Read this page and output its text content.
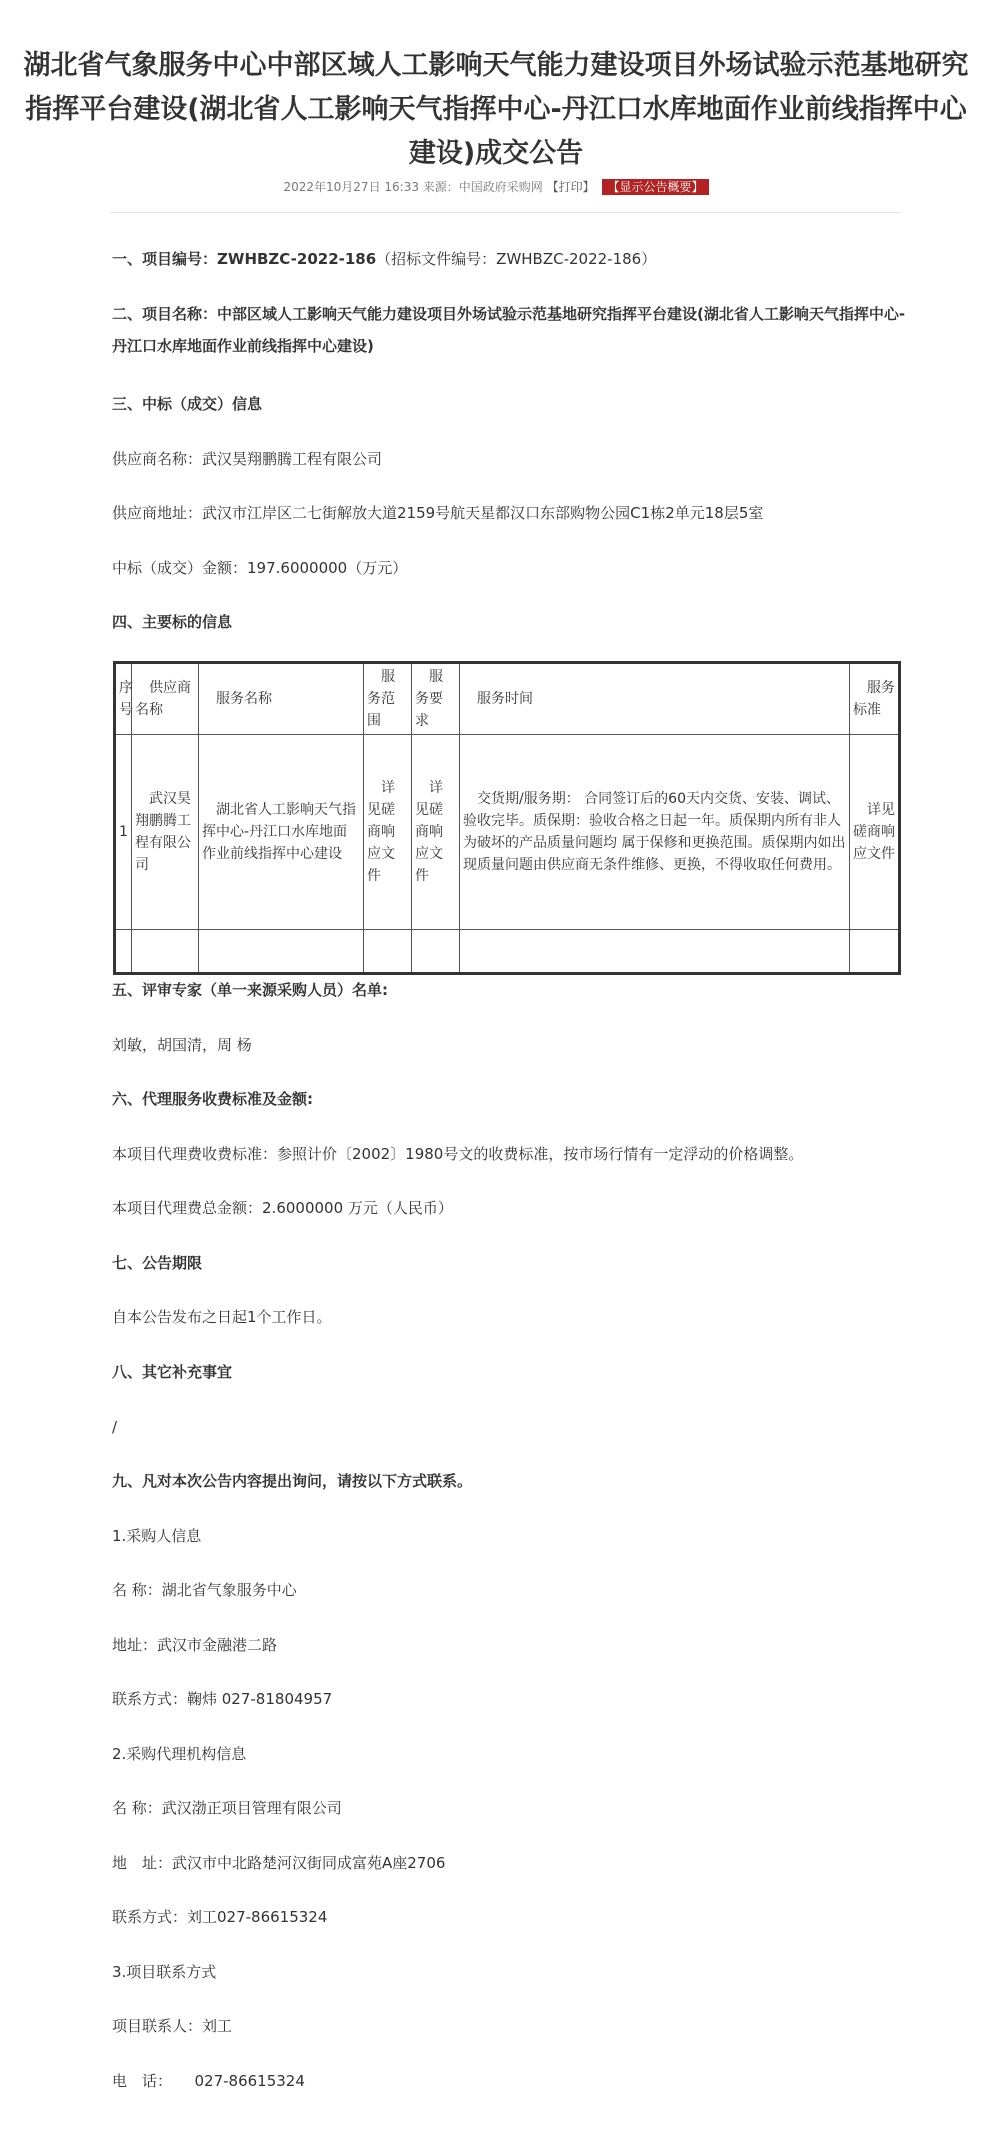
湖北省气象服务中心中部区域人工影响天气能力建设项目外场试验示范基地研究指挥平台建设(湖北省人工影响天气指挥中心-丹江口水库地面作业前线指挥中心建设)成交公告
2022年10月27日 16:33 来源：中国政府采购网 【打印】 【显示公告概要】

一、项目编号：ZWHBZC-2022-186（招标文件编号：ZWHBZC-2022-186）

二、项目名称：中部区域人工影响天气能力建设项目外场试验示范基地研究指挥平台建设(湖北省人工影响天气指挥中心-丹江口水库地面作业前线指挥中心建设)

三、中标（成交）信息

供应商名称：武汉昊翔鹏腾工程有限公司

供应商地址：武汉市江岸区二七街解放大道2159号航天星都汉口东部购物公园C1栋2单元18层5室

中标（成交）金额：197.6000000（万元）

四、主要标的信息

序号	供应商名称	服务名称	服务范围	服务要求	服务时间	服务标准
1	武汉昊翔鹏腾工程有限公司	湖北省人工影响天气指挥中心-丹江口水库地面作业前线指挥中心建设	详见磋商响应文件	详见磋商响应文件	交货期/服务期： 合同签订后的60天内交货、安装、调试、验收完毕。质保期：验收合格之日起一年。质保期内所有非人为破坏的产品质量问题均 属于保修和更换范围。质保期内如出现质量问题由供应商无条件维修、更换，不得收取任何费用。	详见磋商响应文件

五、评审专家（单一来源采购人员）名单:

刘敏，胡国清，周 杨

六、代理服务收费标准及金额:

本项目代理费收费标准：参照计价〔2002〕1980号文的收费标准，按市场行情有一定浮动的价格调整。

本项目代理费总金额：2.6000000 万元（人民币）

七、公告期限

自本公告发布之日起1个工作日。

八、其它补充事宜

/

九、凡对本次公告内容提出询问，请按以下方式联系。

1.采购人信息

名 称：湖北省气象服务中心

地址：武汉市金融港二路

联系方式：鞠炜 027-81804957

2.采购代理机构信息

名 称：武汉渤正项目管理有限公司

地　址：武汉市中北路楚河汉街同成富苑A座2706

联系方式：刘工027-86615324

3.项目联系方式

项目联系人：刘工

电　话：　　027-86615324
